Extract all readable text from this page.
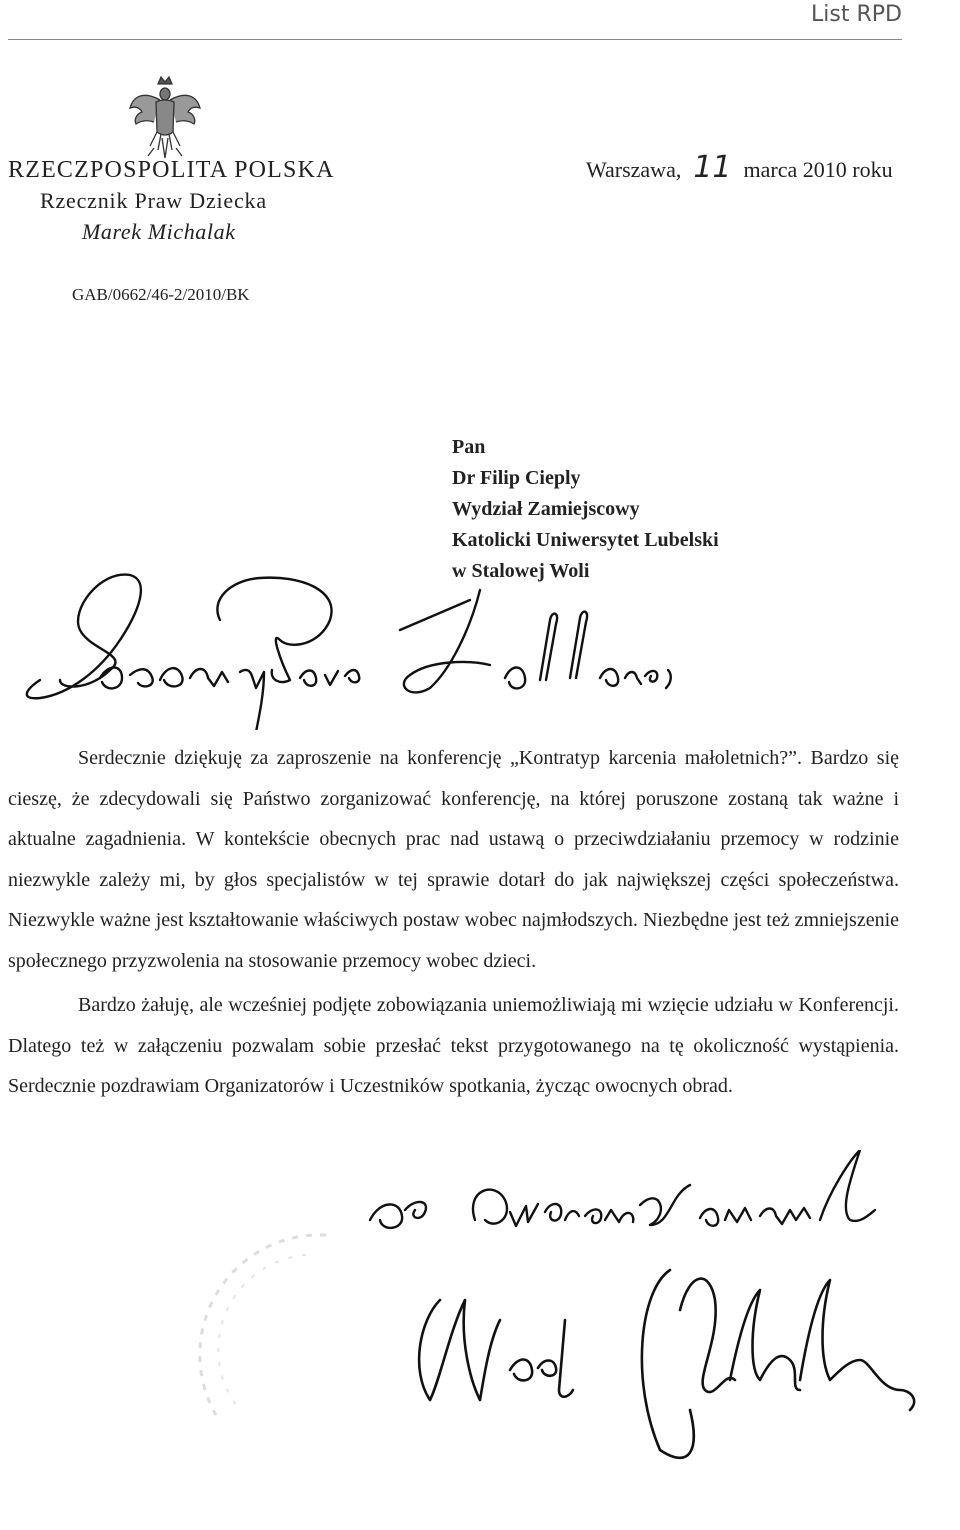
List RPD
RZECZPOSPOLITA POLSKA
Rzecznik Praw Dziecka
Marek Michalak
Warszawa, 11 marca 2010 roku
GAB/0662/46-2/2010/BK
Pan
Dr Filip Cieply
Wydział Zamiejscowy
Katolicki Uniwersytet Lubelski
w Stalowej Woli

Serdecznie dziękuję za zaproszenie na konferencję „Kontratyp karcenia małoletnich?”. Bardzo się cieszę, że zdecydowali się Państwo zorganizować konferencję, na której poruszone zostaną tak ważne i aktualne zagadnienia. W kontekście obecnych prac nad ustawą o przeciwdziałaniu przemocy w rodzinie niezwykle zależy mi, by głos specjalistów w tej sprawie dotarł do jak największej części społeczeństwa. Niezwykle ważne jest kształtowanie właściwych postaw wobec najmłodszych. Niezbędne jest też zmniejszenie społecznego przyzwolenia na stosowanie przemocy wobec dzieci.

Bardzo żałuję, ale wcześniej podjęte zobowiązania uniemożliwiają mi wzięcie udziału w Konferencji. Dlatego też w załączeniu pozwalam sobie przesłać tekst przygotowanego na tę okoliczność wystąpienia. Serdecznie pozdrawiam Organizatorów i Uczestników spotkania, życząc owocnych obrad.
